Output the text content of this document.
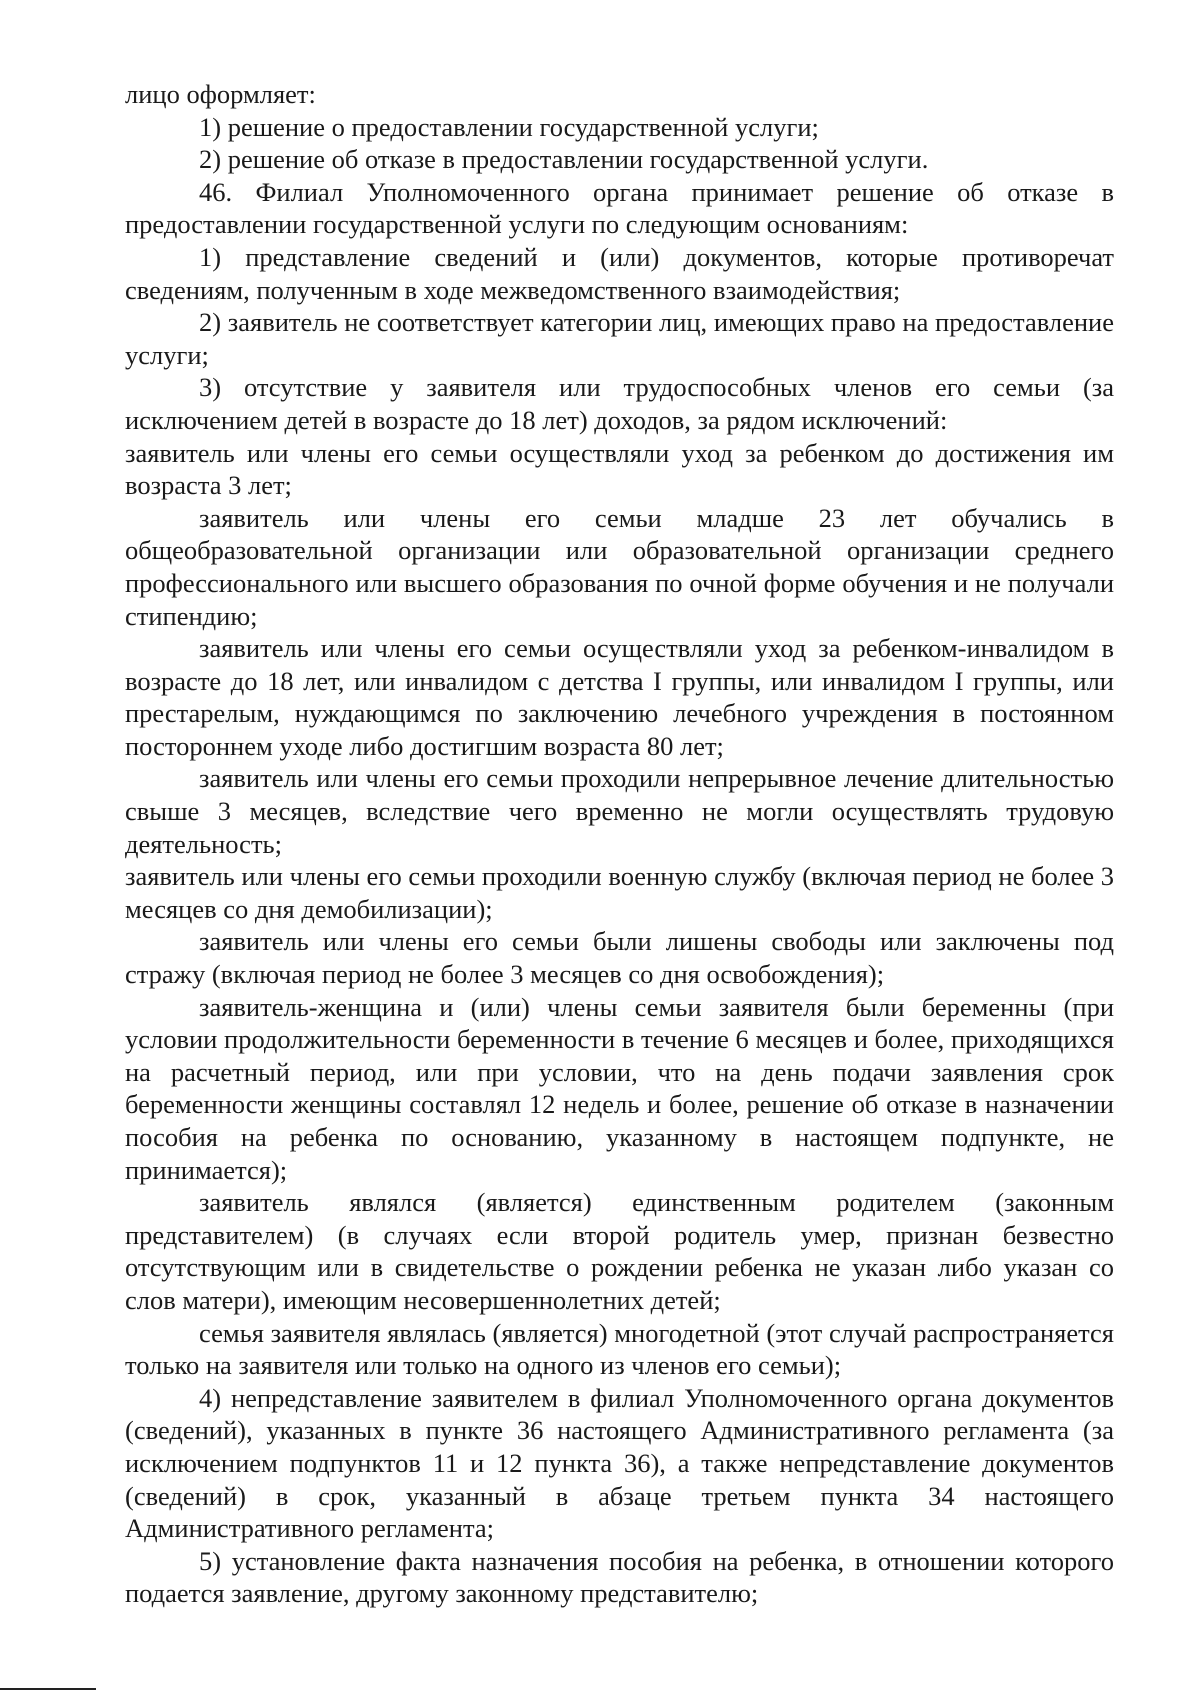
лицо оформляет:

1) решение о предоставлении государственной услуги;

2) решение об отказе в предоставлении государственной услуги.

46. Филиал Уполномоченного органа принимает решение об отказе в предоставлении государственной услуги по следующим основаниям:

1) представление сведений и (или) документов, которые противоречат сведениям, полученным в ходе межведомственного взаимодействия;

2) заявитель не соответствует категории лиц, имеющих право на предоставление услуги;

3) отсутствие у заявителя или трудоспособных членов его семьи (за исключением детей в возрасте до 18 лет) доходов, за рядом исключений:

заявитель или члены его семьи осуществляли уход за ребенком до достижения им возраста 3 лет;

заявитель или члены его семьи младше 23 лет обучались в общеобразовательной организации или образовательной организации среднего профессионального или высшего образования по очной форме обучения и не получали стипендию;

заявитель или члены его семьи осуществляли уход за ребенком-инвалидом в возрасте до 18 лет, или инвалидом с детства I группы, или инвалидом I группы, или престарелым, нуждающимся по заключению лечебного учреждения в постоянном постороннем уходе либо достигшим возраста 80 лет;

заявитель или члены его семьи проходили непрерывное лечение длительностью свыше 3 месяцев, вследствие чего временно не могли осуществлять трудовую деятельность;

заявитель или члены его семьи проходили военную службу (включая период не более 3 месяцев со дня демобилизации);

заявитель или члены его семьи были лишены свободы или заключены под стражу (включая период не более 3 месяцев со дня освобождения);

заявитель-женщина и (или) члены семьи заявителя были беременны (при условии продолжительности беременности в течение 6 месяцев и более, приходящихся на расчетный период, или при условии, что на день подачи заявления срок беременности женщины составлял 12 недель и более, решение об отказе в назначении пособия на ребенка по основанию, указанному в настоящем подпункте, не принимается);

заявитель являлся (является) единственным родителем (законным представителем) (в случаях если второй родитель умер, признан безвестно отсутствующим или в свидетельстве о рождении ребенка не указан либо указан со слов матери), имеющим несовершеннолетних детей;

семья заявителя являлась (является) многодетной (этот случай распространяется только на заявителя или только на одного из членов его семьи);

4) непредставление заявителем в филиал Уполномоченного органа документов (сведений), указанных в пункте 36 настоящего Административного регламента (за исключением подпунктов 11 и 12 пункта 36), а также непредставление документов (сведений) в срок, указанный в абзаце третьем пункта 34 настоящего Административного регламента;

5) установление факта назначения пособия на ребенка, в отношении которого подается заявление, другому законному представителю;
